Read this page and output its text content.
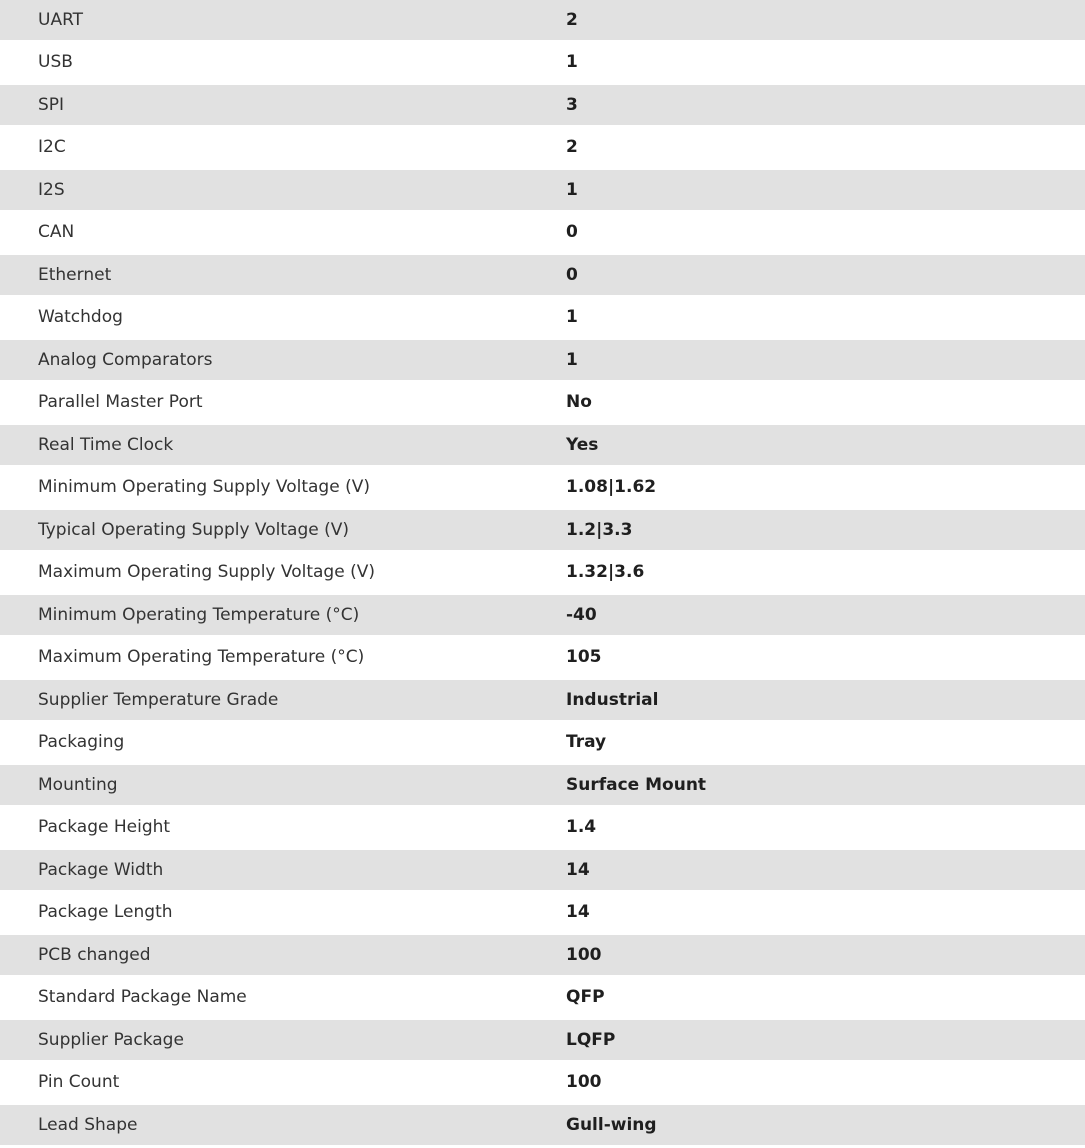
UART	2
USB	1
SPI	3
I2C	2
I2S	1
CAN	0
Ethernet	0
Watchdog	1
Analog Comparators	1
Parallel Master Port	No
Real Time Clock	Yes
Minimum Operating Supply Voltage (V)	1.08|1.62
Typical Operating Supply Voltage (V)	1.2|3.3
Maximum Operating Supply Voltage (V)	1.32|3.6
Minimum Operating Temperature (°C)	-40
Maximum Operating Temperature (°C)	105
Supplier Temperature Grade	Industrial
Packaging	Tray
Mounting	Surface Mount
Package Height	1.4
Package Width	14
Package Length	14
PCB changed	100
Standard Package Name	QFP
Supplier Package	LQFP
Pin Count	100
Lead Shape	Gull-wing
